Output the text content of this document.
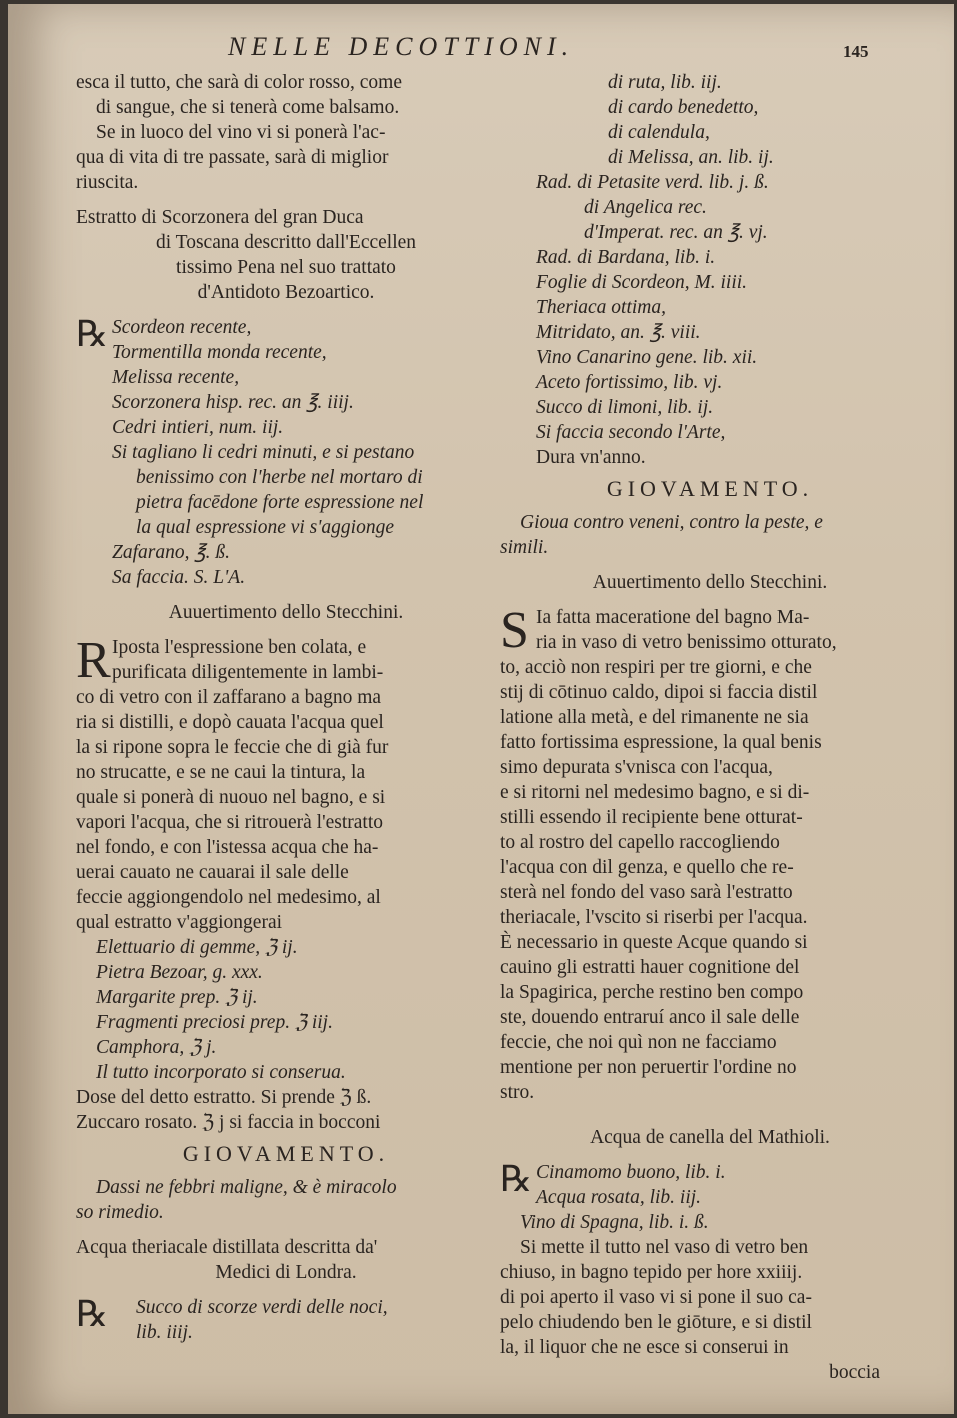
NELLE DECOTTIONI.	145
esca il tutto, che sarà di color rosso, come
di sangue, che si tenerà come balsamo.
Se in luoco del vino vi si ponerà l'ac-
qua di vita di tre passate, sarà di miglior
riuscita.
Estratto di Scorzonera del gran Duca
di Toscana descritto dall'Eccellen
tissimo Pena nel suo trattato
d'Antidoto Bezoartico.
℞ Scordeon recente,
Tormentilla monda recente,
Melissa recente,
Scorzonera hisp. rec. an ℥. iiij.
Cedri intieri, num. iij.
Si tagliano li cedri minuti, e si pestano
benissimo con l'herbe nel mortaro di
pietra facēdone forte espressione nel
la qual espressione vi s'aggionge
Zafarano, ℥. ß.
Sa faccia. S. L'A.
Auuertimento dello Stecchini.
R Iposta l'espressione ben colata, e
purificata diligentemente in lambi-
co di vetro con il zaffarano a bagno ma
ria si distilli, e dopò cauata l'acqua quel
la si ripone sopra le feccie che di già fur
no strucatte, e se ne caui la tintura, la
quale si ponerà di nuouo nel bagno, e si
vapori l'acqua, che si ritrouerà l'estratto
nel fondo, e con l'istessa acqua che ha-
uerai cauato ne cauarai il sale delle
feccie aggiongendolo nel medesimo, al
qual estratto v'aggiongerai
Elettuario di gemme, ℨ ij.
Pietra Bezoar, g. xxx.
Margarite prep. ℨ ij.
Fragmenti preciosi prep. ℨ iij.
Camphora, ℨ j.
Il tutto incorporato si conserua.
Dose del detto estratto. Si prende ℨ ß.
Zuccaro rosato. ℨ j si faccia in bocconi
GIOVAMENTO.
Dassi ne febbri maligne, & è miracolo
so rimedio.
Acqua theriacale distillata descritta da'
Medici di Londra.
℞	Succo di scorze verdi delle noci,
lib. iiij.
di ruta, lib. iij.
di cardo benedetto,
di calendula,
di Melissa, an. lib. ij.
Rad. di Petasite verd. lib. j. ß.
di Angelica rec.
d'Imperat. rec. an ℥. vj.
Rad. di Bardana, lib. i.
Foglie di Scordeon, M. iiii.
Theriaca ottima,
Mitridato, an. ℥. viii.
Vino Canarino gene. lib. xii.
Aceto fortissimo, lib. vj.
Succo di limoni, lib. ij.
Si faccia secondo l'Arte,
Dura vn'anno.
GIOVAMENTO.
Gioua contro veneni, contro la peste, e
simili.
Auuertimento dello Stecchini.
S Ia fatta maceratione del bagno Ma-
ria in vaso di vetro benissimo otturato,
to, acciò non respiri per tre giorni, e che
stij di cōtinuo caldo, dipoi si faccia distil
latione alla metà, e del rimanente ne sia
fatto fortissima espressione, la qual benis
simo depurata s'vnisca con l'acqua,
e si ritorni nel medesimo bagno, e si di-
stilli essendo il recipiente bene otturat-
to al rostro del capello raccogliendo
l'acqua con dil genza, e quello che re-
sterà nel fondo del vaso sarà l'estratto
theriacale, l'vscito si riserbi per l'acqua.
È necessario in queste Acque quando si
cauino gli estratti hauer cognitione del
la Spagirica, perche restino ben compo
ste, douendo entraruí anco il sale delle
feccie, che noi quì non ne facciamo
mentione per non peruertir l'ordine no
stro.
Acqua de canella del Mathioli.
℞ Cinamomo buono, lib. i.
Acqua rosata, lib. iij.
Vino di Spagna, lib. i. ß.
Si mette il tutto nel vaso di vetro ben
chiuso, in bagno tepido per hore xxiiij.
di poi aperto il vaso vi si pone il suo ca-
pelo chiudendo ben le giōture, e si distil
la, il liquor che ne esce si conserui in
boccia
